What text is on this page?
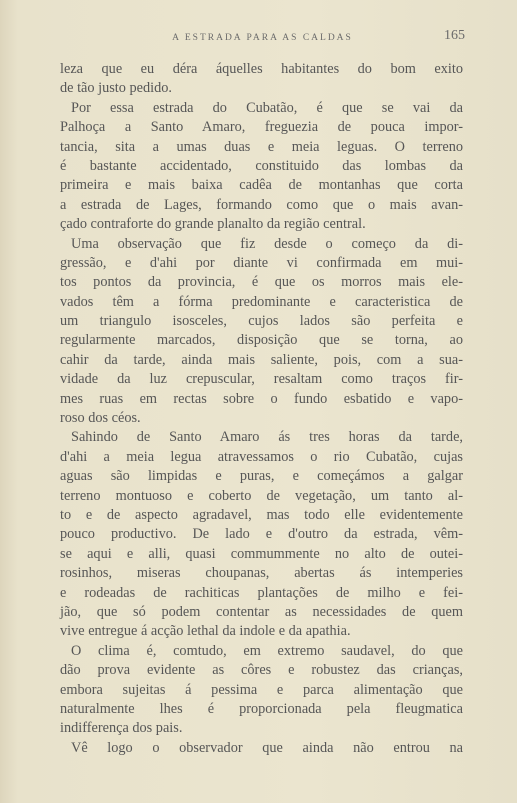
A ESTRADA PARA AS CALDAS	165
leza que eu déra áquelles habitantes do bom exito
de tão justo pedido.
Por essa estrada do Cubatão, é que se vai da
Palhoça a Santo Amaro, freguezia de pouca impor-
tancia, sita a umas duas e meia leguas. O terreno
é bastante accidentado, constituido das lombas da
primeira e mais baixa cadêa de montanhas que corta
a estrada de Lages, formando como que o mais avan-
çado contraforte do grande planalto da região central.
Uma observação que fiz desde o começo da di-
gressão, e d'ahi por diante vi confirmada em mui-
tos pontos da provincia, é que os morros mais ele-
vados têm a fórma predominante e caracteristica de
um triangulo isosceles, cujos lados são perfeita e
regularmente marcados, disposição que se torna, ao
cahir da tarde, ainda mais saliente, pois, com a sua-
vidade da luz crepuscular, resaltam como traços fir-
mes ruas em rectas sobre o fundo esbatido e vapo-
roso dos céos.
Sahindo de Santo Amaro ás tres horas da tarde,
d'ahi a meia legua atravessamos o rio Cubatão, cujas
aguas são limpidas e puras, e começámos a galgar
terreno montuoso e coberto de vegetação, um tanto al-
to e de aspecto agradavel, mas todo elle evidentemente
pouco productivo. De lado e d'outro da estrada, vêm-
se aqui e alli, quasi commummente no alto de outei-
rosinhos, miseras choupanas, abertas ás intemperies
e rodeadas de rachiticas plantações de milho e fei-
jão, que só podem contentar as necessidades de quem
vive entregue á acção lethal da indole e da apathia.
O clima é, comtudo, em extremo saudavel, do que
dão prova evidente as côres e robustez das crianças,
embora sujeitas á pessima e parca alimentação que
naturalmente lhes é proporcionada pela fleugmatica
indifferença dos pais.
Vê logo o observador que ainda não entrou na
